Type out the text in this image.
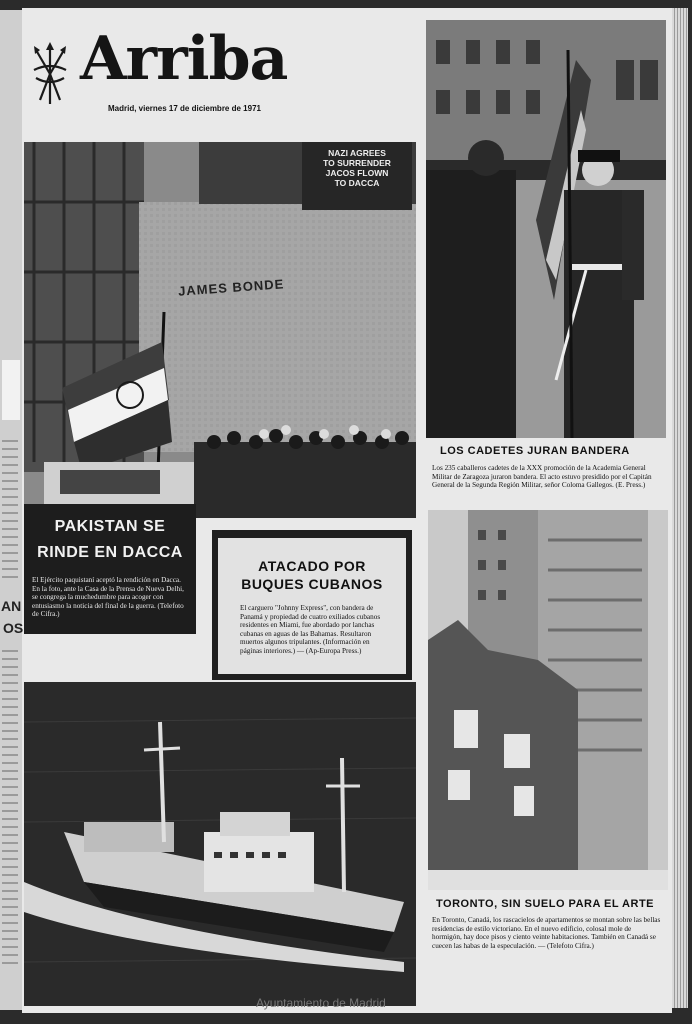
AN
OS
Arriba
Madrid, viernes 17 de diciembre de 1971
NAZI AGREES
TO SURRENDER
JACOS FLOWN
TO DACCA
JAMES BONDE
PAKISTAN SE
RINDE EN DACCA
El Ejército paquistaní aceptó la rendición en Dacca. En la foto, ante la Casa de la Prensa de Nueva Delhi, se congrega la muchedumbre para acoger con entusiasmo la noticia del final de la guerra. (Telefoto de Cifra.)
ATACADO POR
BUQUES CUBANOS
El carguero "Johnny Express", con bandera de Panamá y propiedad de cuatro exiliados cubanos residentes en Miami, fue abordado por lanchas cubanas en aguas de las Bahamas. Resultaron muertos algunos tripulantes. (Información en páginas interiores.) — (Ap-Europa Press.)
LOS CADETES JURAN BANDERA
Los 235 caballeros cadetes de la XXX promoción de la Academia General Militar de Zaragoza juraron bandera. El acto estuvo presidido por el Capitán General de la Segunda Región Militar, señor Coloma Gallegos. (E. Press.)
TORONTO, SIN SUELO PARA EL ARTE
En Toronto, Canadá, los rascacielos de apartamentos se montan sobre las bellas residencias de estilo victoriano. En el nuevo edificio, colosal mole de hormigón, hay doce pisos y ciento veinte habitaciones. También en Canadá se cuecen las habas de la especulación. — (Telefoto Cifra.)
Ayuntamiento de Madrid
